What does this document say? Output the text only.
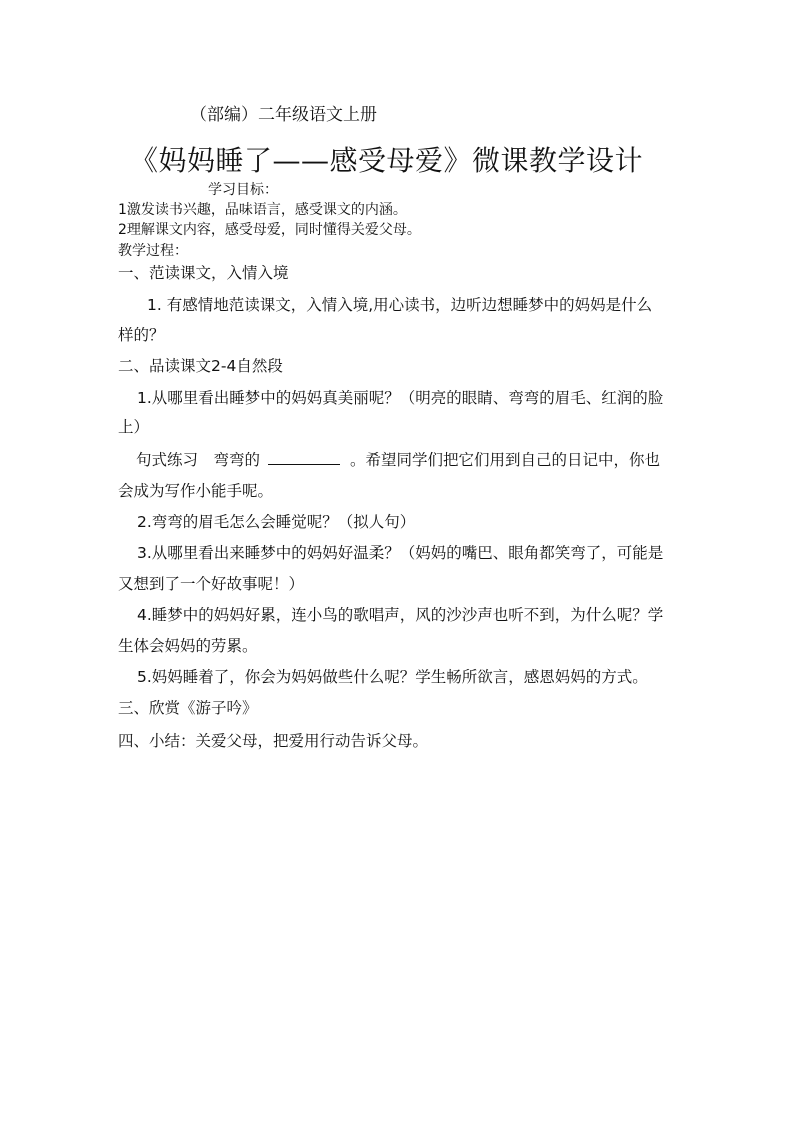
（部编）二年级语文上册
《妈妈睡了——感受母爱》微课教学设计
学习目标：
1激发读书兴趣，品味语言，感受课文的内涵。
2理解课文内容，感受母爱，同时懂得关爱父母。
教学过程：
一、范读课文，入情入境
1. 有感情地范读课文，入情入境,用心读书，边听边想睡梦中的妈妈是什么
样的？
二、品读课文2-4自然段
1.从哪里看出睡梦中的妈妈真美丽呢？（明亮的眼睛、弯弯的眉毛、红润的脸
上）
句式练习　弯弯的	。希望同学们把它们用到自己的日记中，你也
会成为写作小能手呢。
2.弯弯的眉毛怎么会睡觉呢？（拟人句）
3.从哪里看出来睡梦中的妈妈好温柔？（妈妈的嘴巴、眼角都笑弯了，可能是
又想到了一个好故事呢！）
4.睡梦中的妈妈好累，连小鸟的歌唱声，风的沙沙声也听不到，为什么呢？学
生体会妈妈的劳累。
5.妈妈睡着了，你会为妈妈做些什么呢？学生畅所欲言，感恩妈妈的方式。
三、欣赏《游子吟》
四、小结：关爱父母，把爱用行动告诉父母。
